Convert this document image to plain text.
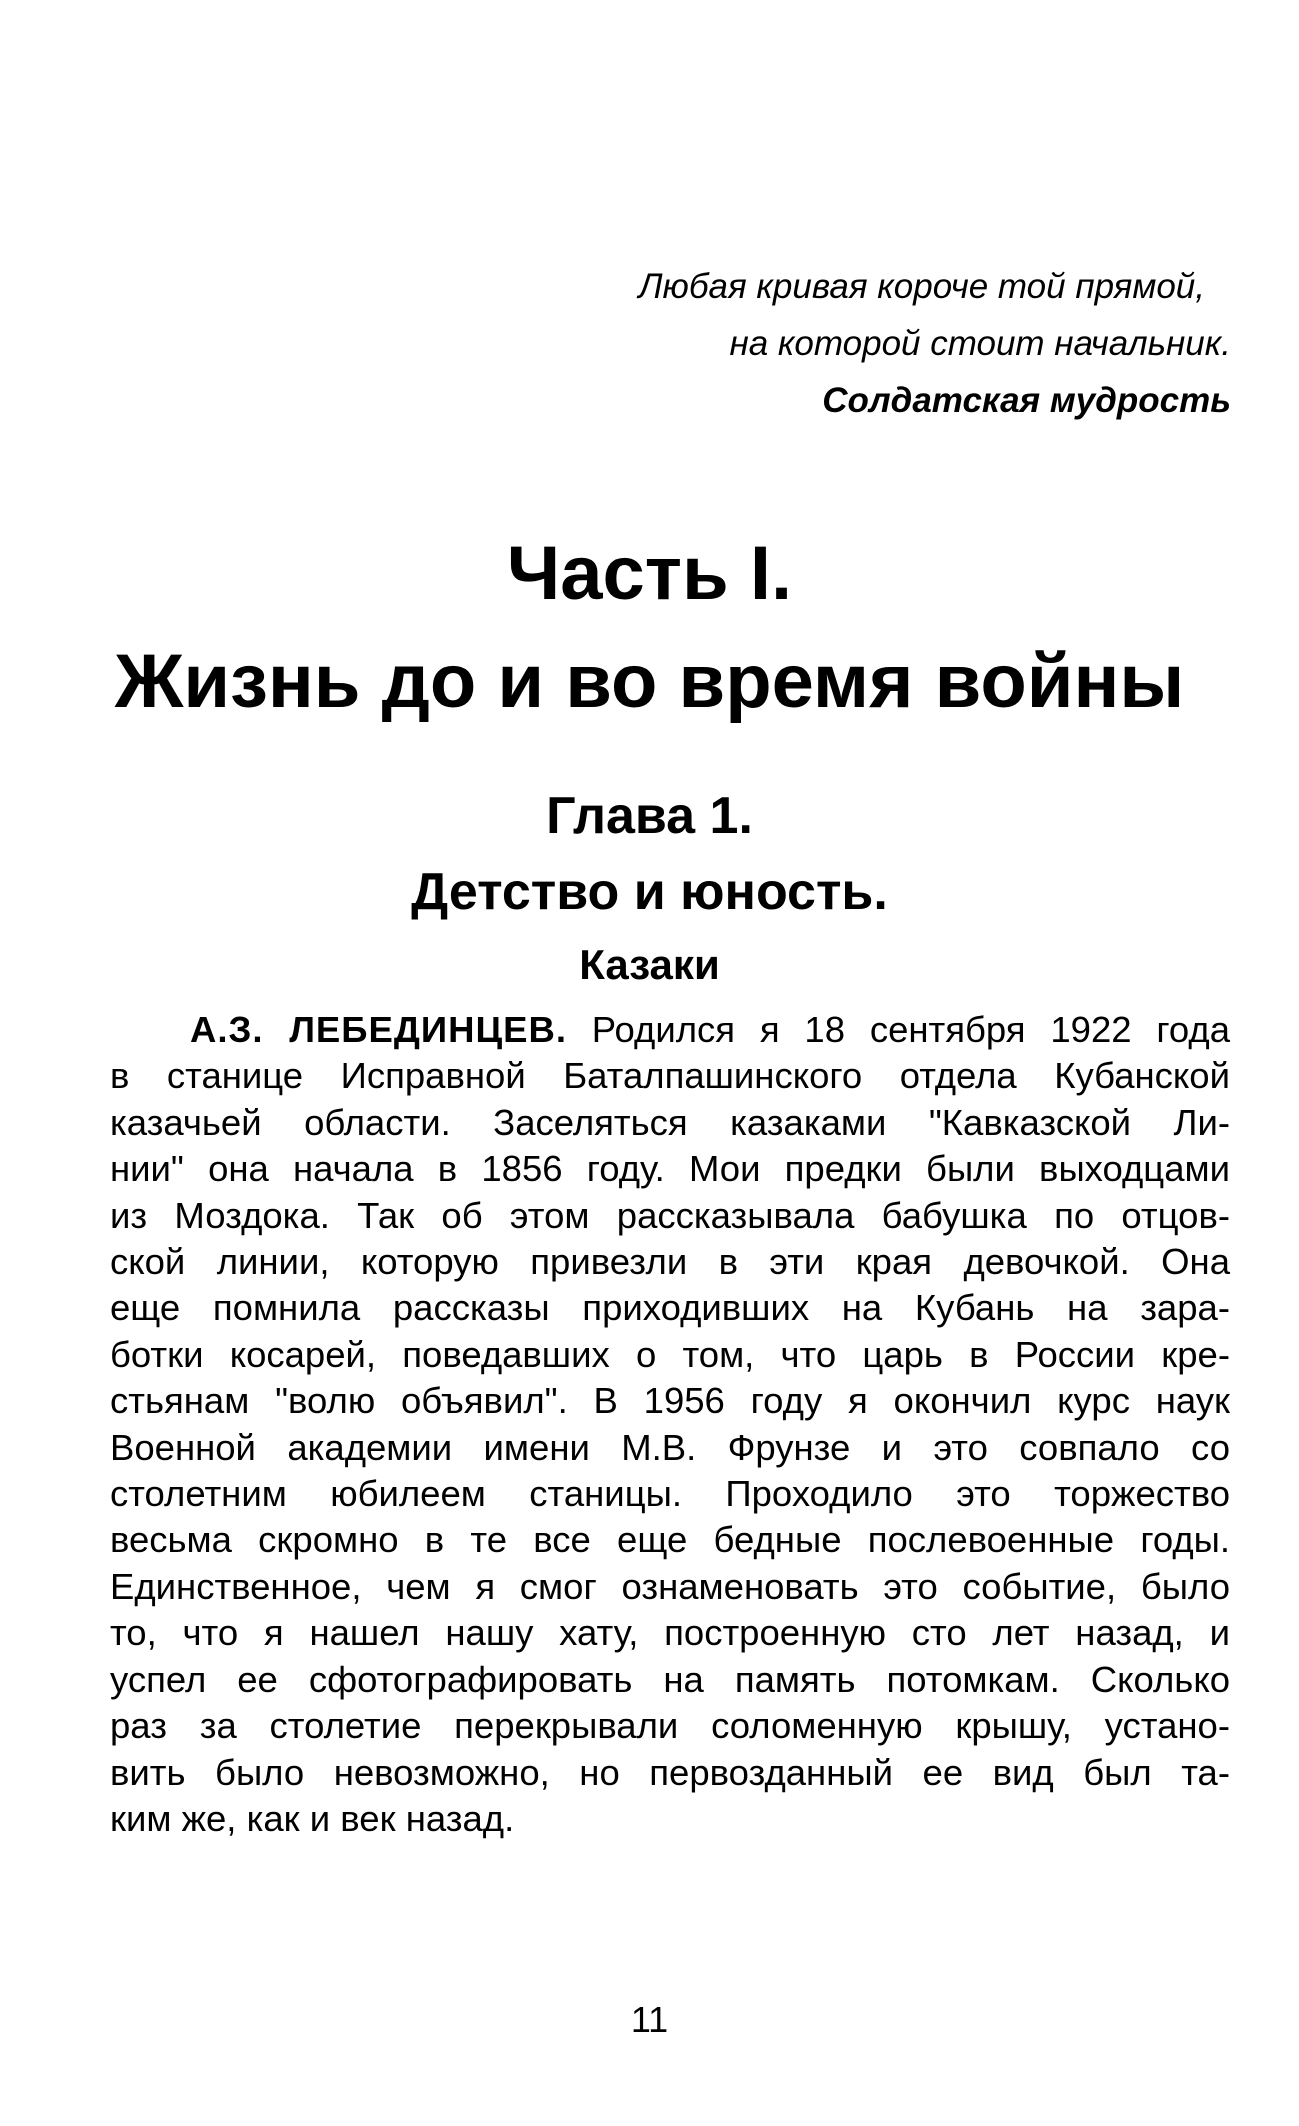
Любая кривая короче той прямой,
на которой стоит начальник.
Солдатская мудрость
Часть I.
Жизнь до и во время войны
Глава 1.
Детство и юность.
Казаки
А.З. ЛЕБЕДИНЦЕВ. Родился я 18 сентября 1922 года
в станице Исправной Баталпашинского отдела Кубанской
казачьей области. Заселяться казаками "Кавказской Ли-
нии" она начала в 1856 году. Мои предки были выходцами
из Моздока. Так об этом рассказывала бабушка по отцов-
ской линии, которую привезли в эти края девочкой. Она
еще помнила рассказы приходивших на Кубань на зара-
ботки косарей, поведавших о том, что царь в России кре-
стьянам "волю объявил". В 1956 году я окончил курс наук
Военной академии имени М.В. Фрунзе и это совпало со
столетним юбилеем станицы. Проходило это торжество
весьма скромно в те все еще бедные послевоенные годы.
Единственное, чем я смог ознаменовать это событие, было
то, что я нашел нашу хату, построенную сто лет назад, и
успел ее сфотографировать на память потомкам. Сколько
раз за столетие перекрывали соломенную крышу, устано-
вить было невозможно, но первозданный ее вид был та-
ким же, как и век назад.
11
